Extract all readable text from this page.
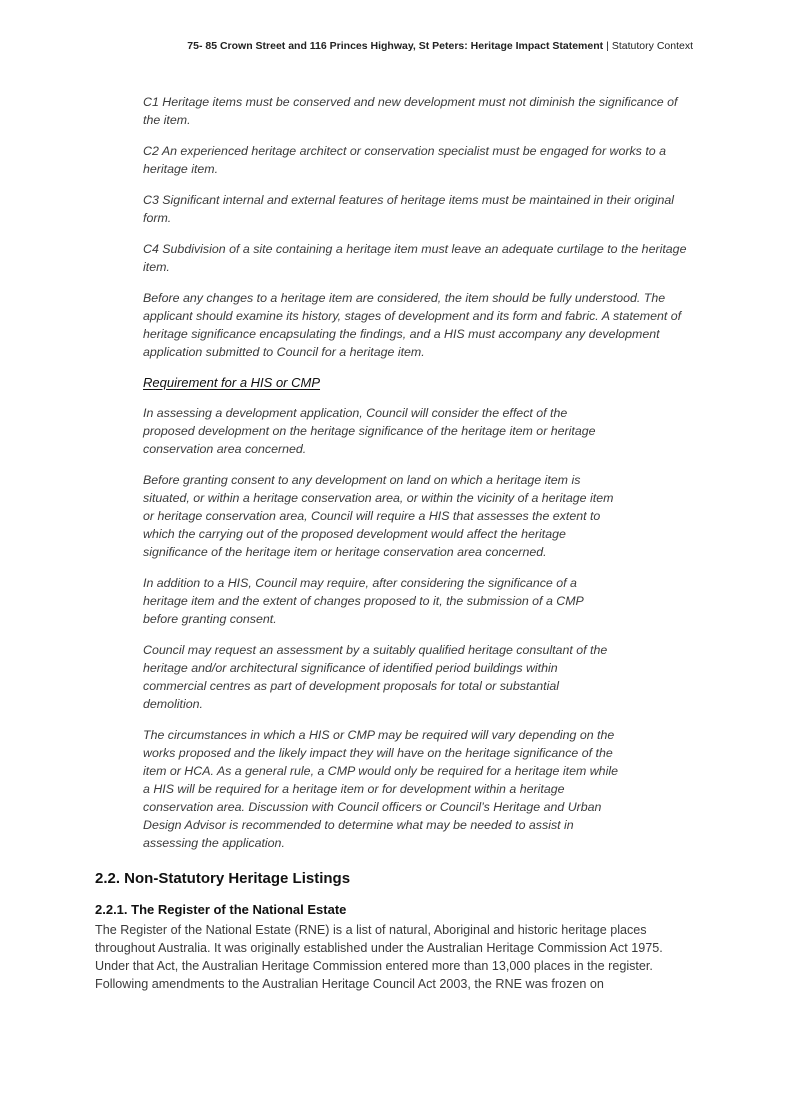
75- 85 Crown Street and 116 Princes Highway, St Peters: Heritage Impact Statement | Statutory Context

C1 Heritage items must be conserved and new development must not diminish the significance of the item.

C2 An experienced heritage architect or conservation specialist must be engaged for works to a heritage item.

C3 Significant internal and external features of heritage items must be maintained in their original form.

C4 Subdivision of a site containing a heritage item must leave an adequate curtilage to the heritage item.

Before any changes to a heritage item are considered, the item should be fully understood. The applicant should examine its history, stages of development and its form and fabric. A statement of heritage significance encapsulating the findings, and a HIS must accompany any development application submitted to Council for a heritage item.

Requirement for a HIS or CMP

In assessing a development application, Council will consider the effect of the proposed development on the heritage significance of the heritage item or heritage conservation area concerned.

Before granting consent to any development on land on which a heritage item is situated, or within a heritage conservation area, or within the vicinity of a heritage item or heritage conservation area, Council will require a HIS that assesses the extent to which the carrying out of the proposed development would affect the heritage significance of the heritage item or heritage conservation area concerned.

In addition to a HIS, Council may require, after considering the significance of a heritage item and the extent of changes proposed to it, the submission of a CMP before granting consent.

Council may request an assessment by a suitably qualified heritage consultant of the heritage and/or architectural significance of identified period buildings within commercial centres as part of development proposals for total or substantial demolition.

The circumstances in which a HIS or CMP may be required will vary depending on the works proposed and the likely impact they will have on the heritage significance of the item or HCA. As a general rule, a CMP would only be required for a heritage item while a HIS will be required for a heritage item or for development within a heritage conservation area. Discussion with Council officers or Council’s Heritage and Urban Design Advisor is recommended to determine what may be needed to assist in assessing the application.

2.2. Non-Statutory Heritage Listings
2.2.1. The Register of the National Estate

The Register of the National Estate (RNE) is a list of natural, Aboriginal and historic heritage places throughout Australia. It was originally established under the Australian Heritage Commission Act 1975. Under that Act, the Australian Heritage Commission entered more than 13,000 places in the register. Following amendments to the Australian Heritage Council Act 2003, the RNE was frozen on
